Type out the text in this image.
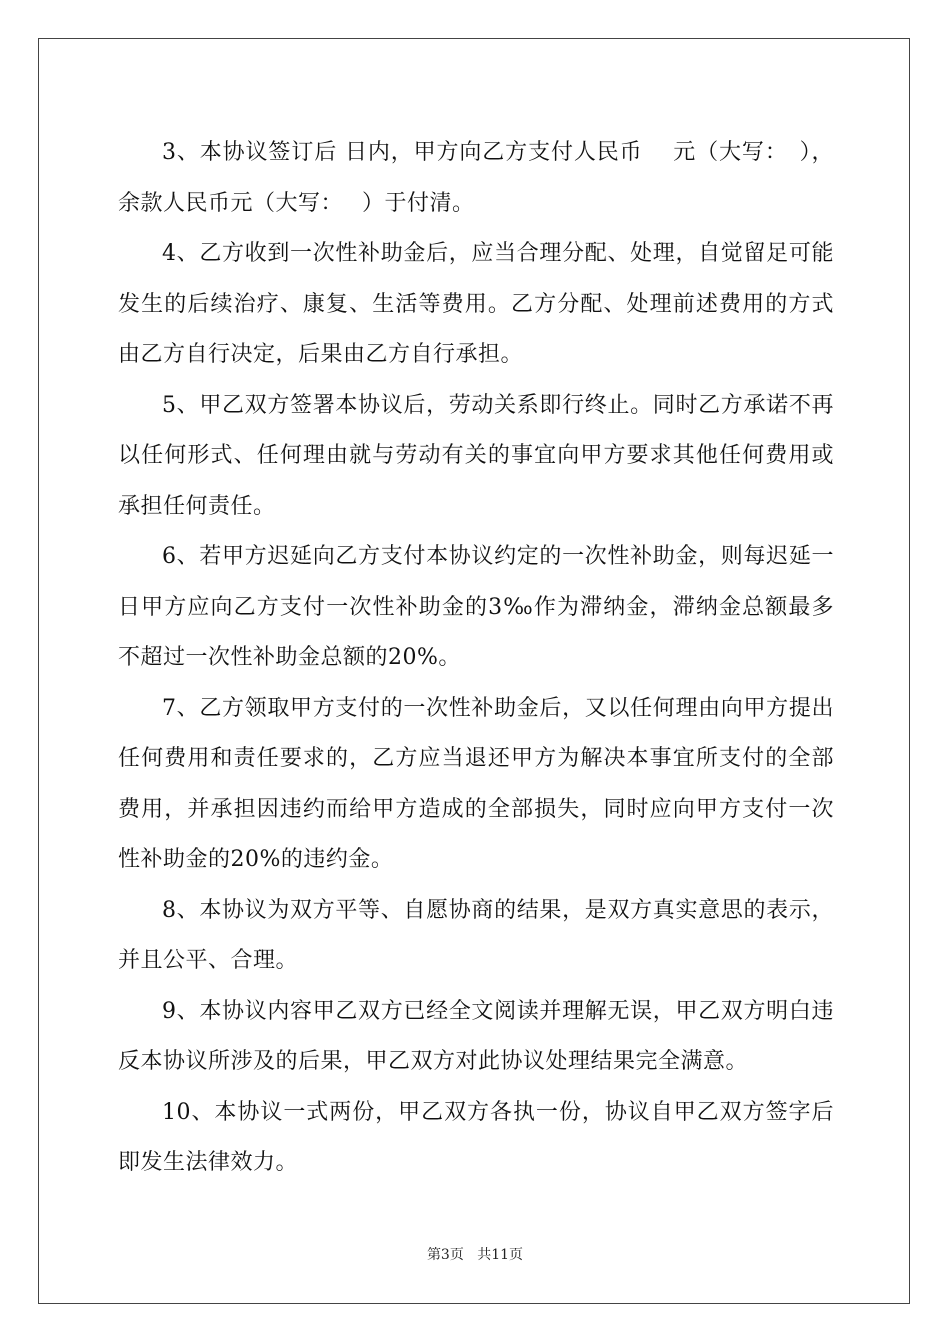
3、本协议签订后 日内，甲方向乙方支付人民币　 元（大写：　），余款人民币元（大写：　 ）于付清。

4、乙方收到一次性补助金后，应当合理分配、处理，自觉留足可能发生的后续治疗、康复、生活等费用。乙方分配、处理前述费用的方式由乙方自行决定，后果由乙方自行承担。

5、甲乙双方签署本协议后，劳动关系即行终止。同时乙方承诺不再以任何形式、任何理由就与劳动有关的事宜向甲方要求其他任何费用或承担任何责任。

6、若甲方迟延向乙方支付本协议约定的一次性补助金，则每迟延一日甲方应向乙方支付一次性补助金的3‰作为滞纳金，滞纳金总额最多不超过一次性补助金总额的20%。

7、乙方领取甲方支付的一次性补助金后，又以任何理由向甲方提出任何费用和责任要求的，乙方应当退还甲方为解决本事宜所支付的全部费用，并承担因违约而给甲方造成的全部损失，同时应向甲方支付一次性补助金的20%的违约金。

8、本协议为双方平等、自愿协商的结果，是双方真实意思的表示，并且公平、合理。

9、本协议内容甲乙双方已经全文阅读并理解无误，甲乙双方明白违反本协议所涉及的后果，甲乙双方对此协议处理结果完全满意。

10、本协议一式两份，甲乙双方各执一份，协议自甲乙双方签字后即发生法律效力。

第3页 共11页
